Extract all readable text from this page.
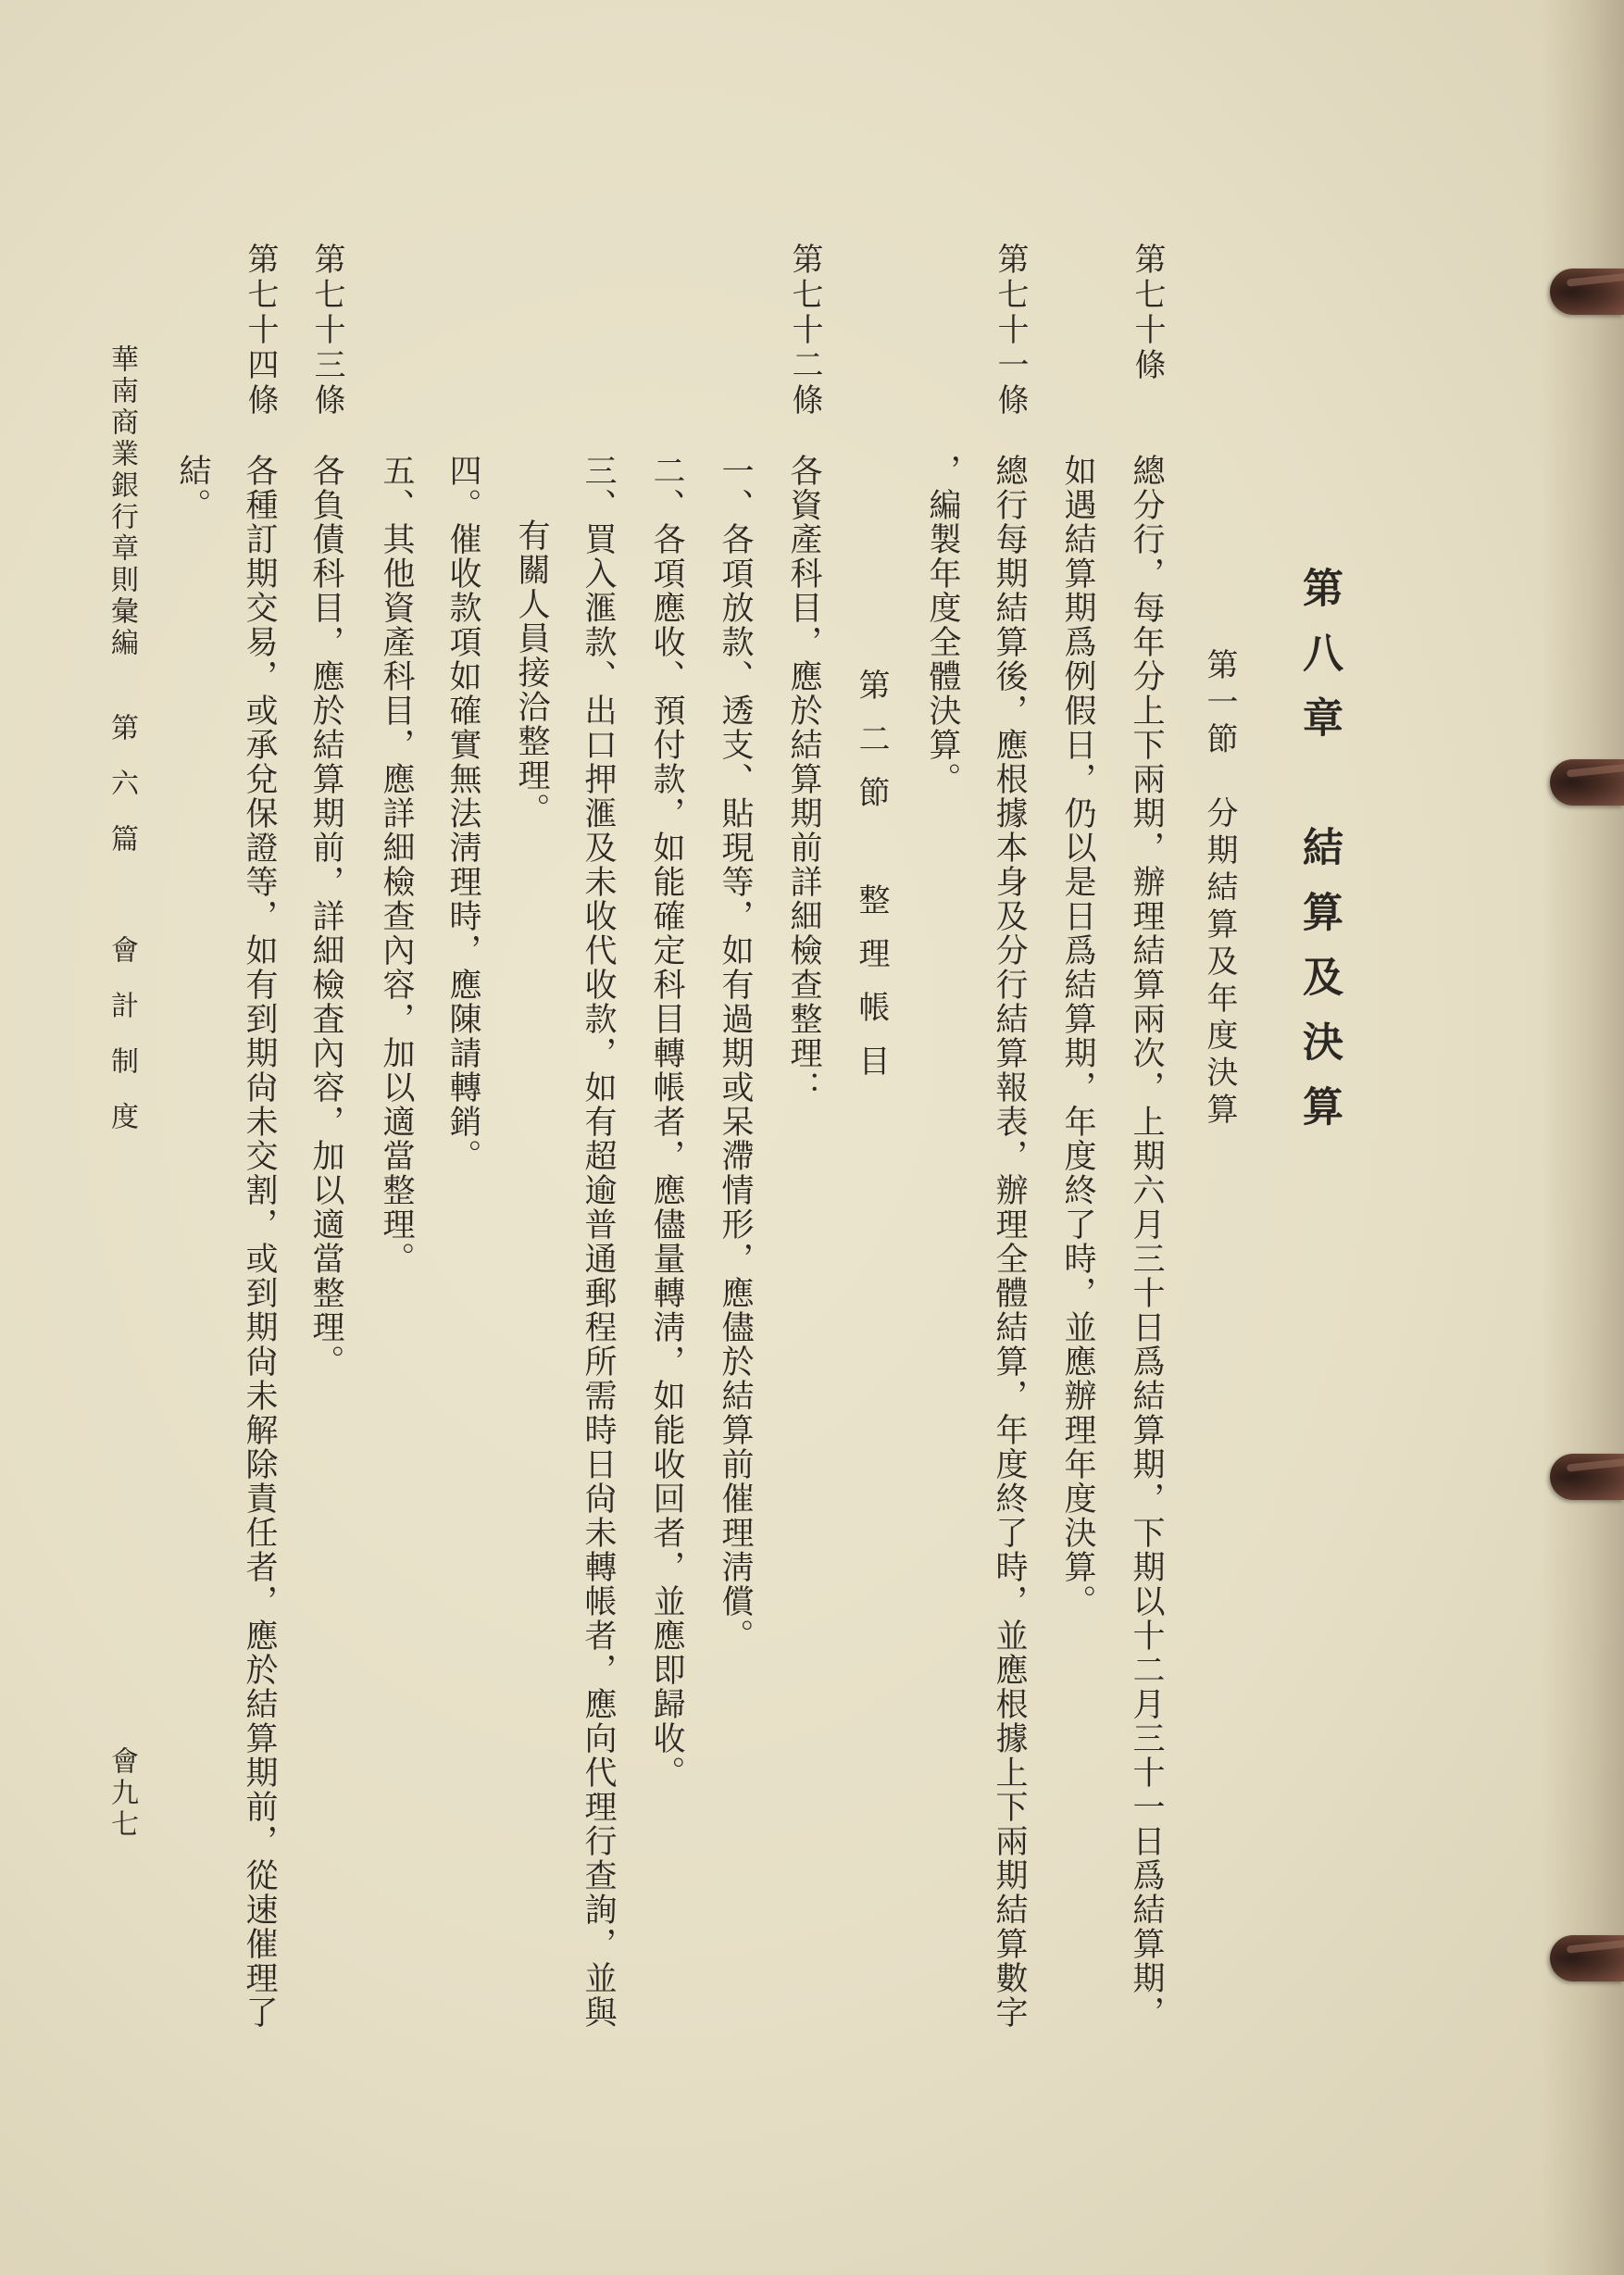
第八章　結算及決算
第一節　分期結算及年度決算
第七十條
總分行，每年分上下兩期，辦理結算兩次，上期六月三十日爲結算期，下期以十二月三十一日爲結算期，
如遇結算期爲例假日，仍以是日爲結算期，年度終了時，並應辦理年度決算。
第七十一條
總行每期結算後，應根據本身及分行結算報表，辦理全體結算，年度終了時，並應根據上下兩期結算數字
，編製年度全體決算。
第二節　整理帳目
第七十二條
各資產科目，應於結算期前詳細檢查整理：
一、各項放款、透支、貼現等，如有過期或呆滯情形，應儘於結算前催理淸償。
二、各項應收、預付款，如能確定科目轉帳者，應儘量轉淸，如能收回者，並應即歸收。
三、買入滙款、出口押滙及未收代收款，如有超逾普通郵程所需時日尙未轉帳者，應向代理行查詢，並與
有關人員接洽整理。
四。催收款項如確實無法淸理時，應陳請轉銷。
五、其他資產科目，應詳細檢查內容，加以適當整理。
第七十三條
各負債科目，應於結算期前，詳細檢査內容，加以適當整理。
第七十四條
各種訂期交易，或承兌保證等，如有到期尙未交割，或到期尙未解除責任者，應於結算期前，從速催理了
結。
華南商業銀行章則彙編
第六篇　會計制度
會九七
